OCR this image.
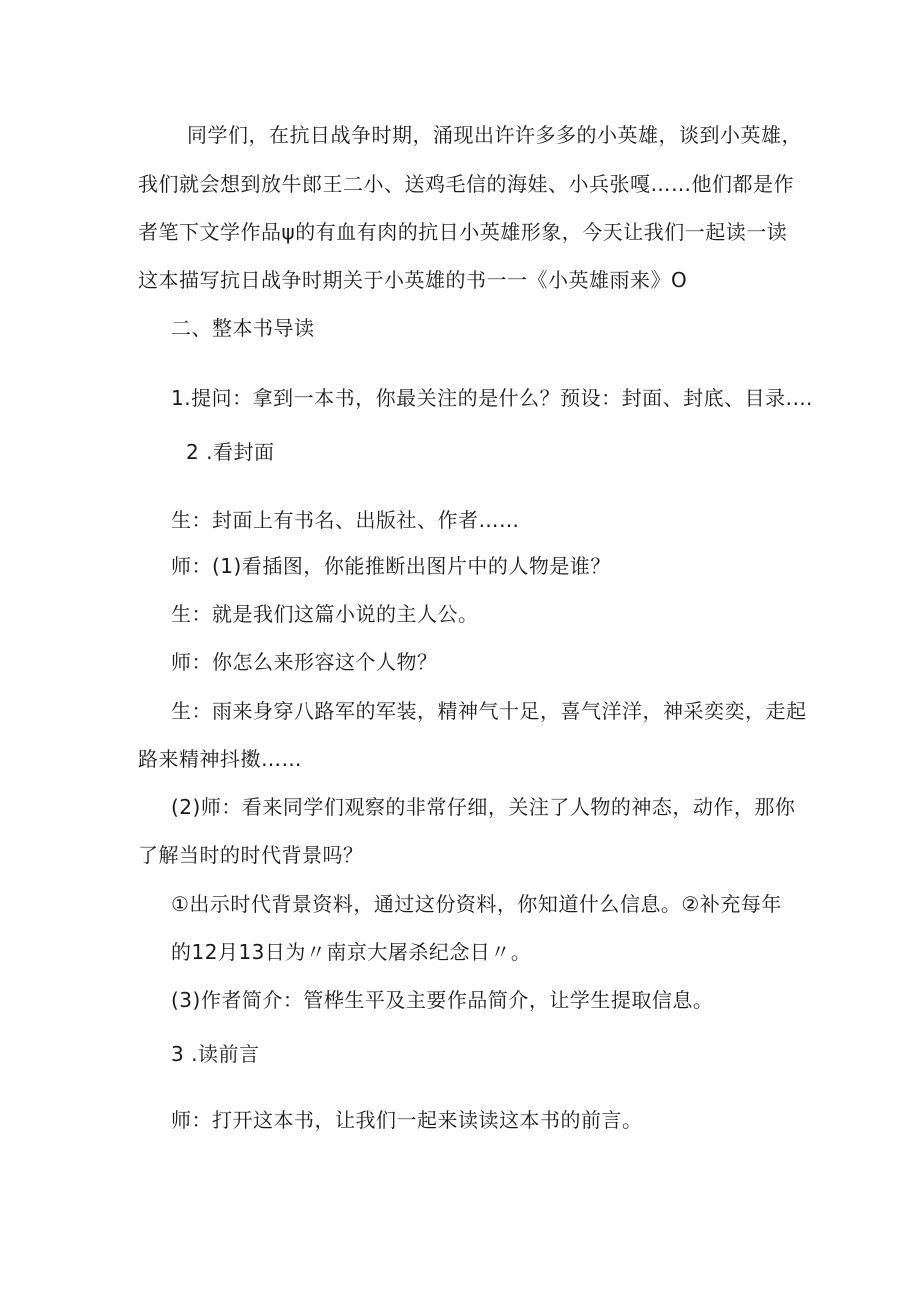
同学们，在抗日战争时期，涌现出许许多多的小英雄，谈到小英雄，
我们就会想到放牛郎王二小、送鸡毛信的海娃、小兵张嘎……他们都是作
者笔下文学作品ψ的有血有肉的抗日小英雄形象，今天让我们一起读一读
这本描写抗日战争时期关于小英雄的书一一《小英雄雨来》O
二、整本书导读
1.提问：拿到一本书，你最关注的是什么？预设：封面、封底、目录.…
2 .看封面
生：封面上有书名、出版社、作者……
师：(1)看插图，你能推断出图片中的人物是谁？
生：就是我们这篇小说的主人公。
师：你怎么来形容这个人物？
生：雨来身穿八路军的军装，精神气十足，喜气洋洋，神采奕奕，走起
路来精神抖擞……
(2)师：看来同学们观察的非常仔细，关注了人物的神态，动作，那你
了解当时的时代背景吗？
①出示时代背景资料，通过这份资料，你知道什么信息。②补充每年
的12月13日为〃南京大屠杀纪念日〃。
(3)作者简介：管桦生平及主要作品简介，让学生提取信息。
3 .读前言
师：打开这本书，让我们一起来读读这本书的前言。
